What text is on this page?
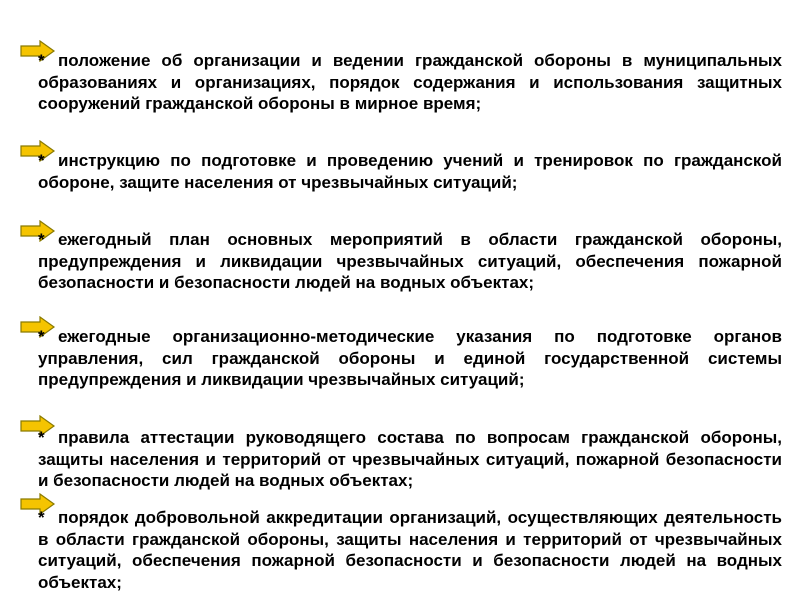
* положение об организации и ведении гражданской обороны в муниципальных образованиях и организациях, порядок содержания и использования защитных сооружений гражданской обороны в мирное время;
* инструкцию по подготовке и проведению учений и тренировок по гражданской обороне, защите населения от чрезвычайных ситуаций;
* ежегодный план основных мероприятий в области гражданской обороны, предупреждения и ликвидации чрезвычайных ситуаций, обеспечения пожарной безопасности и безопасности людей на водных объектах;
* ежегодные организационно-методические указания по подготовке органов управления, сил гражданской обороны и единой государственной системы предупреждения и ликвидации чрезвычайных ситуаций;
* правила аттестации руководящего состава по вопросам гражданской обороны, защиты населения и территорий от чрезвычайных ситуаций, пожарной безопасности и безопасности людей на водных объектах;
* порядок добровольной аккредитации организаций, осуществляющих деятельность в области гражданской обороны, защиты населения и территорий от чрезвычайных ситуаций, обеспечения пожарной безопасности и безопасности людей на водных объектах;
